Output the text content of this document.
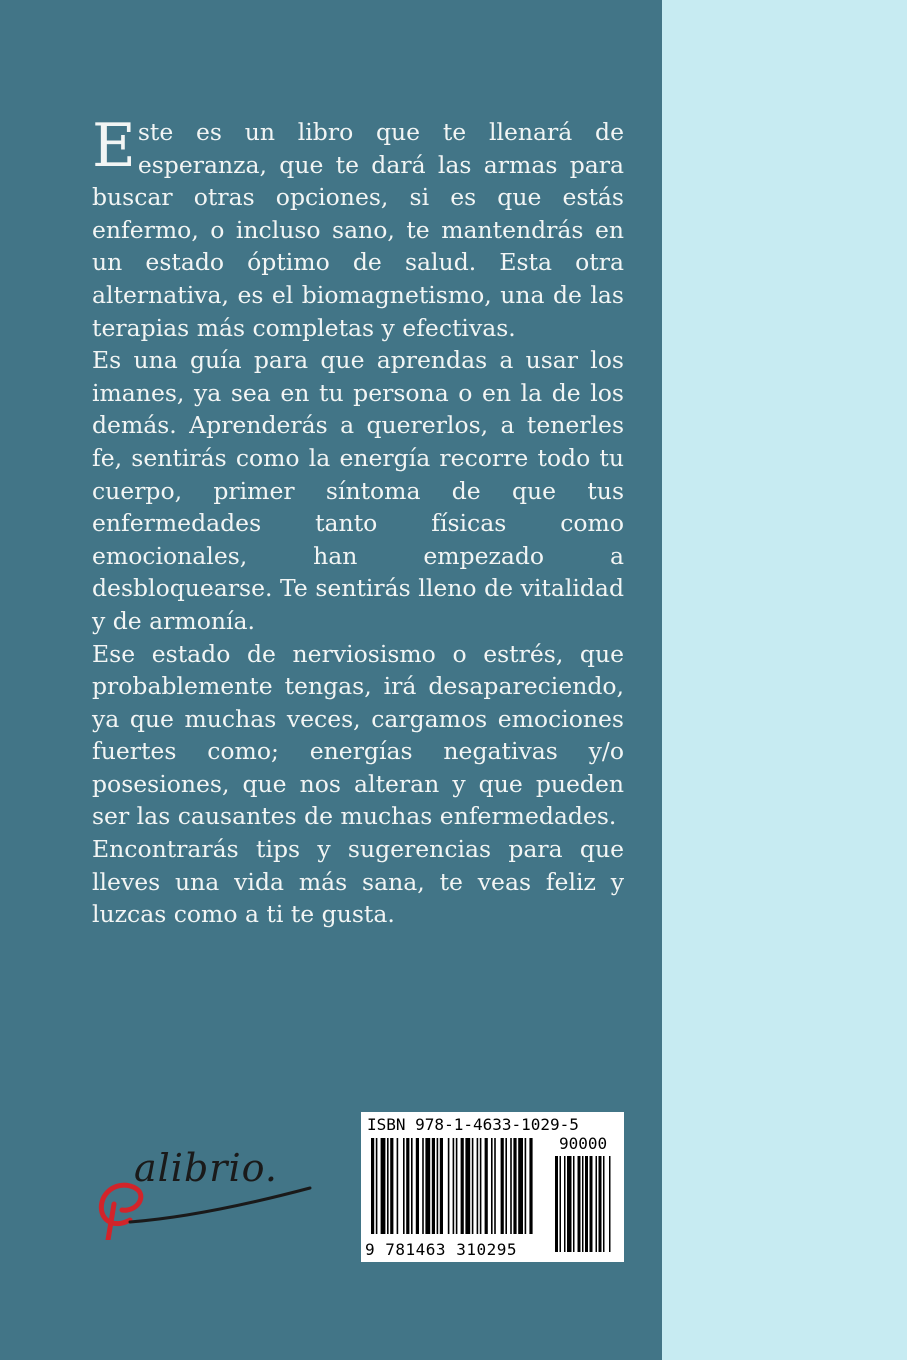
Este es un libro que te llenará de esperanza, que te dará las armas para buscar otras opciones, si es que estás enfermo, o incluso sano, te mantendrás en un estado óptimo de salud. Esta otra alternativa, es el biomagnetismo, una de las terapias más completas y efectivas.

Es una guía para que aprendas a usar los imanes, ya sea en tu persona o en la de los demás. Aprenderás a quererlos, a tenerles fe, sentirás como la energía recorre todo tu cuerpo, primer síntoma de que tus enfermedades tanto físicas como emocionales, han empezado a desbloquearse. Te sentirás lleno de vitalidad y de armonía.

Ese estado de nerviosismo o estrés, que probablemente tengas, irá desapareciendo, ya que muchas veces, cargamos emociones fuertes como; energías negativas y/o posesiones, que nos alteran y que pueden ser las causantes de muchas enfermedades.

Encontrarás tips y sugerencias para que lleves una vida más sana, te veas feliz y luzcas como a ti te gusta.

alibrio.
ISBN 978-1-4633-1029-5
90000
9 781463 310295
